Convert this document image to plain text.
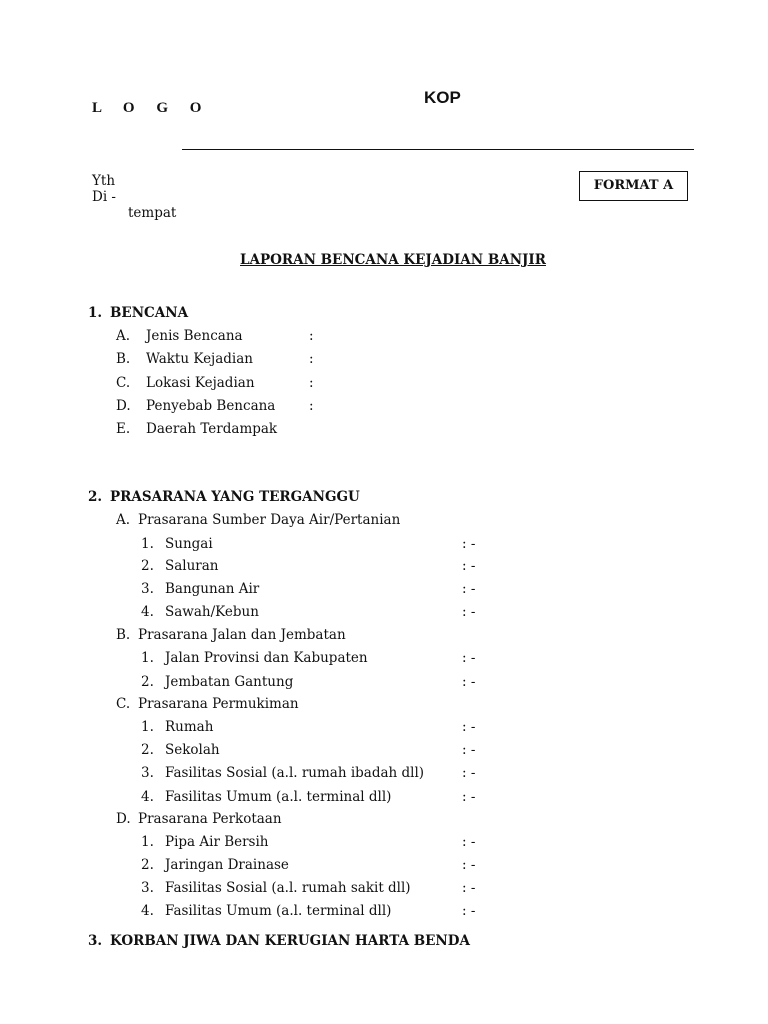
L O G O
KOP
Yth
Di -
tempat
FORMAT A
LAPORAN BENCANA KEJADIAN BANJIR
1. BENCANA
A. Jenis Bencana	:
B. Waktu Kejadian	:
C. Lokasi Kejadian	:
D. Penyebab Bencana :
E. Daerah Terdampak
2. PRASARANA YANG TERGANGGU
A. Prasarana Sumber Daya Air/Pertanian
1. Sungai	: -
2. Saluran	: -
3. Bangunan Air	: -
4. Sawah/Kebun	: -
B. Prasarana Jalan dan Jembatan
1. Jalan Provinsi dan Kabupaten	: -
2. Jembatan Gantung	: -
C. Prasarana Permukiman
1. Rumah	: -
2. Sekolah	: -
3. Fasilitas Sosial (a.l. rumah ibadah dll)	: -
4. Fasilitas Umum (a.l. terminal dll)	: -
D. Prasarana Perkotaan
1. Pipa Air Bersih	: -
2. Jaringan Drainase	: -
3. Fasilitas Sosial (a.l. rumah sakit dll)	: -
4. Fasilitas Umum (a.l. terminal dll)	: -
3. KORBAN JIWA DAN KERUGIAN HARTA BENDA
